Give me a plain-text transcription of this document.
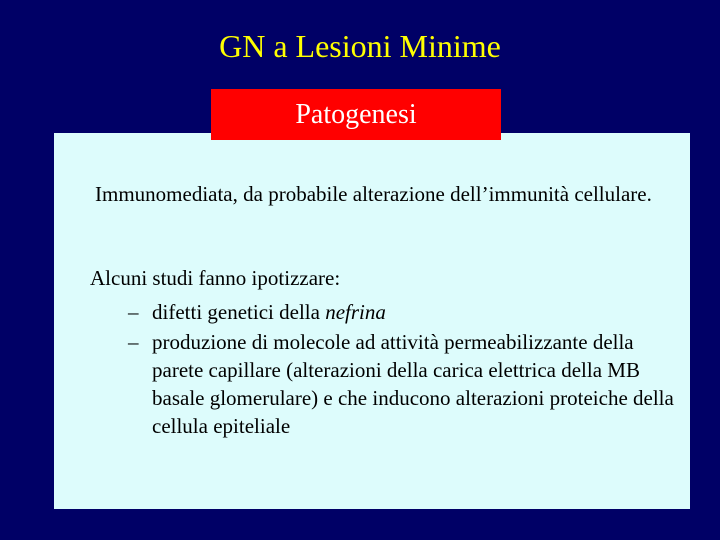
GN a Lesioni Minime
Patogenesi
Immunomediata, da probabile alterazione dell’immunità cellulare.
Alcuni studi fanno ipotizzare:
– difetti genetici della nefrina
– produzione di molecole ad attività permeabilizzante della parete capillare (alterazioni della carica elettrica della MB basale glomerulare) e che inducono alterazioni proteiche della cellula epiteliale
